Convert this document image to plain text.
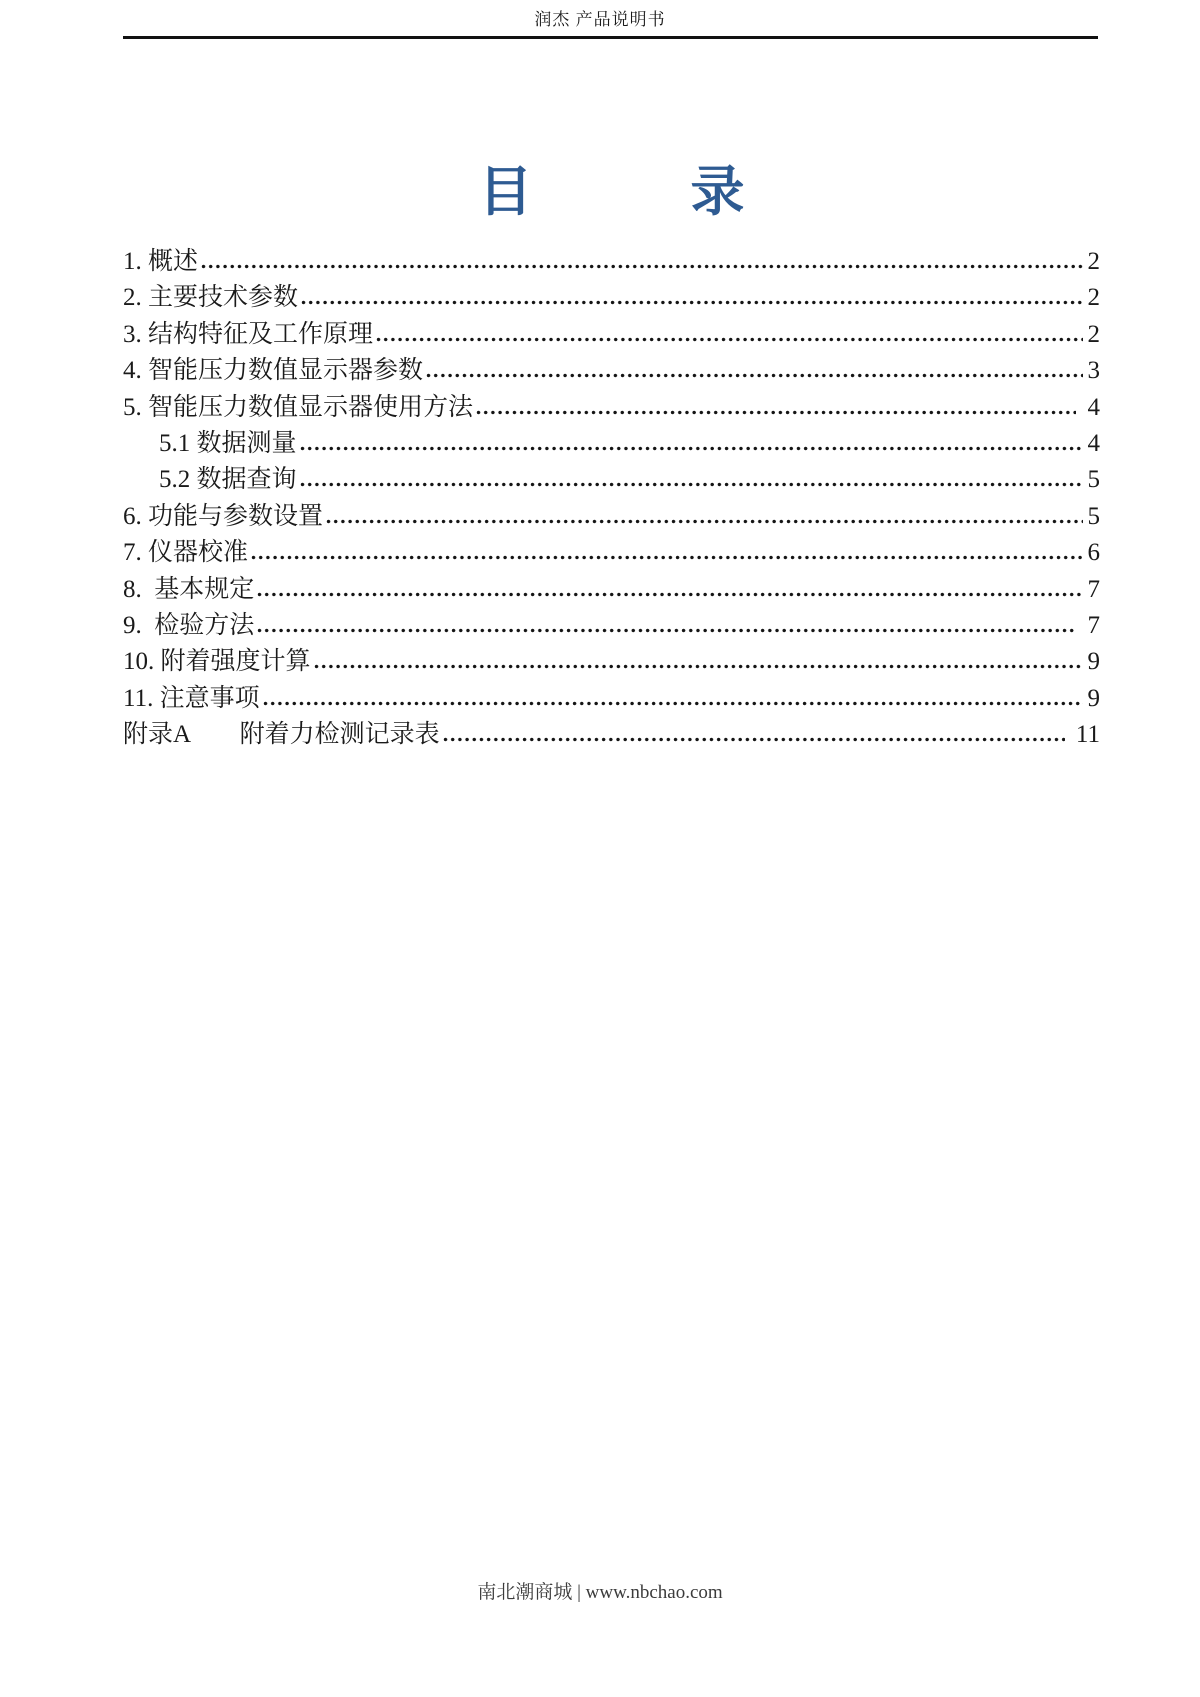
润杰 产品说明书
目	录
1. 概述	2
2. 主要技术参数	2
3. 结构特征及工作原理	2
4. 智能压力数值显示器参数	3
5. 智能压力数值显示器使用方法	4
5.1 数据测量	4
5.2 数据查询	5
6. 功能与参数设置	5
7. 仪器校准	6
8.  基本规定	7
9.  检验方法	7
10. 附着强度计算	9
11. 注意事项	9
附录A　　附着力检测记录表	11
南北潮商城 | www.nbchao.com
